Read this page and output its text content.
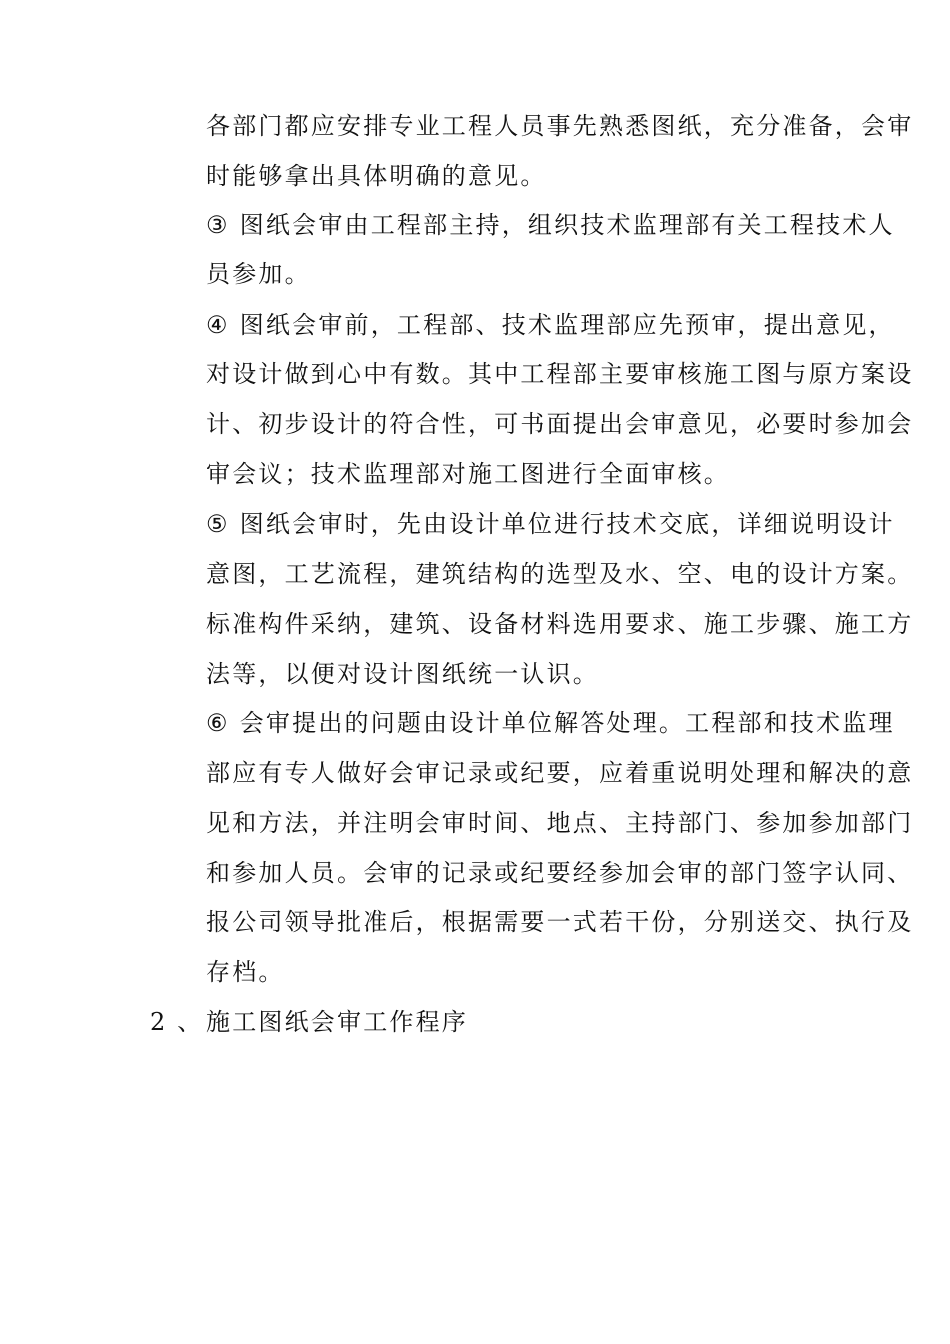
各部门都应安排专业工程人员事先熟悉图纸，充分准备，会审
时能够拿出具体明确的意见。
③ 图纸会审由工程部主持，组织技术监理部有关工程技术人
员参加。
④ 图纸会审前，工程部、技术监理部应先预审，提出意见，
对设计做到心中有数。其中工程部主要审核施工图与原方案设
计、初步设计的符合性，可书面提出会审意见，必要时参加会
审会议；技术监理部对施工图进行全面审核。
⑤ 图纸会审时，先由设计单位进行技术交底，详细说明设计
意图，工艺流程，建筑结构的选型及水、空、电的设计方案。
标准构件采纳，建筑、设备材料选用要求、施工步骤、施工方
法等，以便对设计图纸统一认识。
⑥ 会审提出的问题由设计单位解答处理。工程部和技术监理
部应有专人做好会审记录或纪要，应着重说明处理和解决的意
见和方法，并注明会审时间、地点、主持部门、参加参加部门
和参加人员。会审的记录或纪要经参加会审的部门签字认同、
报公司领导批准后，根据需要一式若干份，分别送交、执行及
存档。
2 、 施工图纸会审工作程序
